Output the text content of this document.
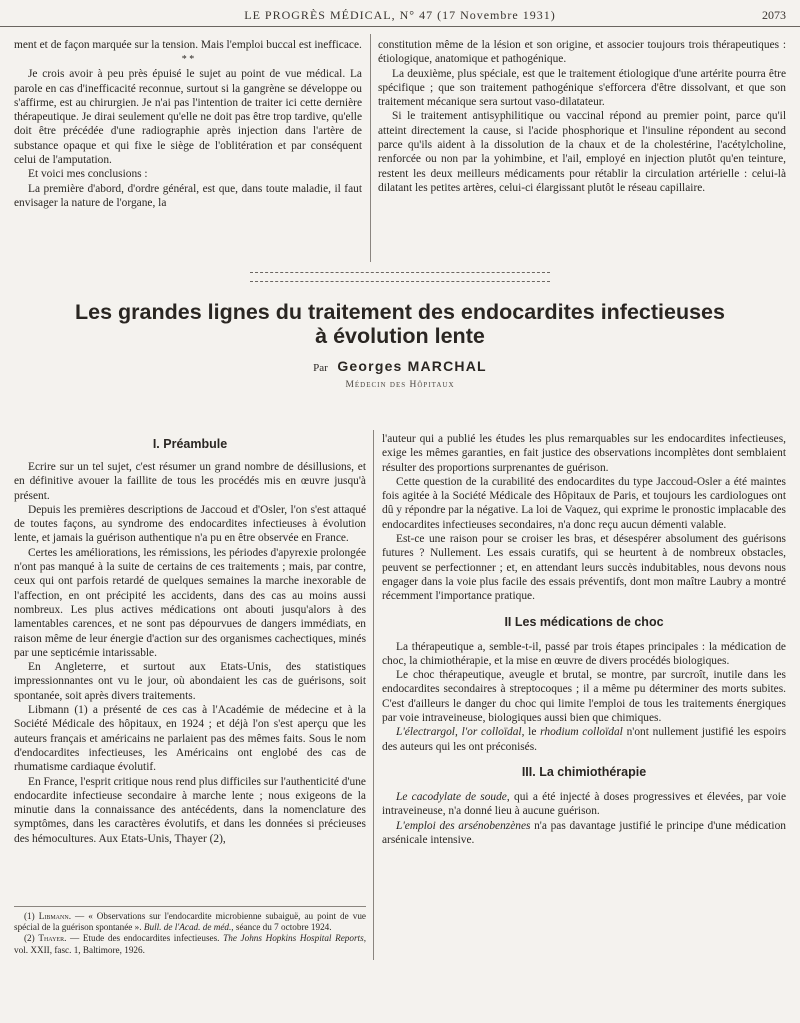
LE PROGRÈS MÉDICAL, N° 47 (17 Novembre 1931)	2073

ment et de façon marquée sur la tension. Mais l'emploi buccal est inefficace.

* *

Je crois avoir à peu près épuisé le sujet au point de vue médical. La parole en cas d'inefficacité reconnue, surtout si la gangrène se développe ou s'affirme, est au chirurgien. Je n'ai pas l'intention de traiter ici cette dernière thérapeutique. Je dirai seulement qu'elle ne doit pas être trop tardive, qu'elle doit être précédée d'une radiographie après injection dans l'artère de substance opaque et qui fixe le siège de l'oblitération et par conséquent celui de l'amputation.

Et voici mes conclusions :

La première d'abord, d'ordre général, est que, dans toute maladie, il faut envisager la nature de l'organe, la

constitution même de la lésion et son origine, et associer toujours trois thérapeutiques : étiologique, anatomique et pathogénique.

La deuxième, plus spéciale, est que le traitement étiologique d'une artérite pourra être spécifique ; que son traitement pathogénique s'efforcera d'être dissolvant, et que son traitement mécanique sera surtout vaso-dilatateur.

Si le traitement antisyphilitique ou vaccinal répond au premier point, parce qu'il atteint directement la cause, si l'acide phosphorique et l'insuline répondent au second parce qu'ils aident à la dissolution de la chaux et de la cholestérine, l'acétylcholine, renforcée ou non par la yohimbine, et l'ail, employé en injection plutôt qu'en teinture, restent les deux meilleurs médicaments pour rétablir la circulation artérielle : celui-là dilatant les petites artères, celui-ci élargissant plutôt le réseau capillaire.

Les grandes lignes du traitement des endocardites infectieuses
à évolution lente
Par Georges MARCHAL
Médecin des Hôpitaux

I. Préambule

Ecrire sur un tel sujet, c'est résumer un grand nombre de désillusions, et en définitive avouer la faillite de tous les procédés mis en œuvre jusqu'à présent.

Depuis les premières descriptions de Jaccoud et d'Osler, l'on s'est attaqué de toutes façons, au syndrome des endocardites infectieuses à évolution lente, et jamais la guérison authentique n'a pu en être observée en France.

Certes les améliorations, les rémissions, les périodes d'apyrexie prolongée n'ont pas manqué à la suite de certains de ces traitements ; mais, par contre, ceux qui ont parfois retardé de quelques semaines la marche inexorable de l'affection, en ont précipité les accidents, dans des cas au moins aussi nombreux. Les plus actives médications ont abouti jusqu'alors à des lamentables carences, et ne sont pas dépourvues de dangers immédiats, en raison même de leur énergie d'action sur des organismes cachectiques, minés par une septicémie intarissable.

En Angleterre, et surtout aux Etats-Unis, des statistiques impressionnantes ont vu le jour, où abondaient les cas de guérisons, soit spontanée, soit après divers traitements.

Libmann (1) a présenté de ces cas à l'Académie de médecine et à la Société Médicale des hôpitaux, en 1924 ; et déjà l'on s'est aperçu que les auteurs français et américains ne parlaient pas des mêmes faits. Sous le nom d'endocardites infectieuses, les Américains ont englobé des cas de rhumatisme cardiaque évolutif.

En France, l'esprit critique nous rend plus difficiles sur l'authenticité d'une endocardite infectieuse secondaire à marche lente ; nous exigeons de la minutie dans la connaissance des antécédents, dans la nomenclature des symptômes, dans les caractères évolutifs, et dans les données si précieuses des hémocultures. Aux Etats-Unis, Thayer (2),

l'auteur qui a publié les études les plus remarquables sur les endocardites infectieuses, exige les mêmes garanties, en fait justice des observations incomplètes dont semblaient résulter des proportions surprenantes de guérison.

Cette question de la curabilité des endocardites du type Jaccoud-Osler a été maintes fois agitée à la Société Médicale des Hôpitaux de Paris, et toujours les cardiologues ont dû y répondre par la négative. La loi de Vaquez, qui exprime le pronostic implacable des endocardites infectieuses secondaires, n'a donc reçu aucun démenti valable.

Est-ce une raison pour se croiser les bras, et désespérer absolument des guérisons futures ? Nullement. Les essais curatifs, qui se heurtent à de nombreux obstacles, peuvent se perfectionner ; et, en attendant leurs succès indubitables, nous devons nous engager dans la voie plus facile des essais préventifs, dont mon maître Laubry a montré récemment l'importance pratique.

II Les médications de choc

La thérapeutique a, semble-t-il, passé par trois étapes principales : la médication de choc, la chimiothérapie, et la mise en œuvre de divers procédés biologiques.

Le choc thérapeutique, aveugle et brutal, se montre, par surcroît, inutile dans les endocardites secondaires à streptocoques ; il a même pu déterminer des morts subites. C'est d'ailleurs le danger du choc qui limite l'emploi de tous les traitements énergiques par voie intraveineuse, biologiques aussi bien que chimiques.

L'électrargol, l'or colloïdal, le rhodium colloïdal n'ont nullement justifié les espoirs des auteurs qui les ont préconisés.

III. La chimiothérapie

Le cacodylate de soude, qui a été injecté à doses progressives et élevées, par voie intraveineuse, n'a donné lieu à aucune guérison.

L'emploi des arsénobenzènes n'a pas davantage justifié le principe d'une médication arsénicale intensive.

(1) Libmann. — « Observations sur l'endocardite microbienne subaiguë, au point de vue spécial de la guérison spontanée ». Bull. de l'Acad. de méd., séance du 7 octobre 1924.

(2) Thayer. — Etude des endocardites infectieuses. The Johns Hopkins Hospital Reports, vol. XXII, fasc. 1, Baltimore, 1926.
